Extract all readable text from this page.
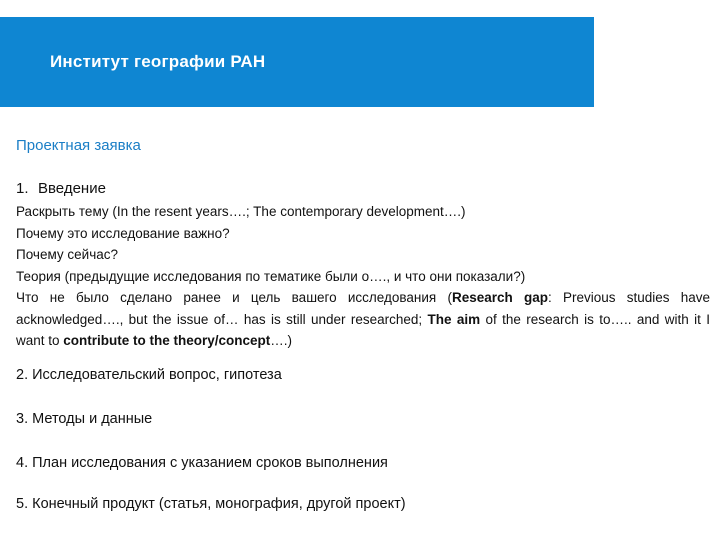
Институт географии РАН
Проектная заявка
1. Введение
Раскрыть тему (In the resent years….; The contemporary development….)
Почему это исследование важно?
Почему сейчас?
Теория (предыдущие исследования по тематике были о…., и что они показали?)
Что не было сделано ранее и цель вашего исследования (Research gap: Previous studies have acknowledged…., but the issue of… has is still under researched; The aim of the research is to….. and with it I want to contribute to the theory/concept….)
2. Исследовательский вопрос, гипотеза
3. Методы и данные
4. План исследования с указанием сроков выполнения
5. Конечный продукт (статья, монография, другой проект)
